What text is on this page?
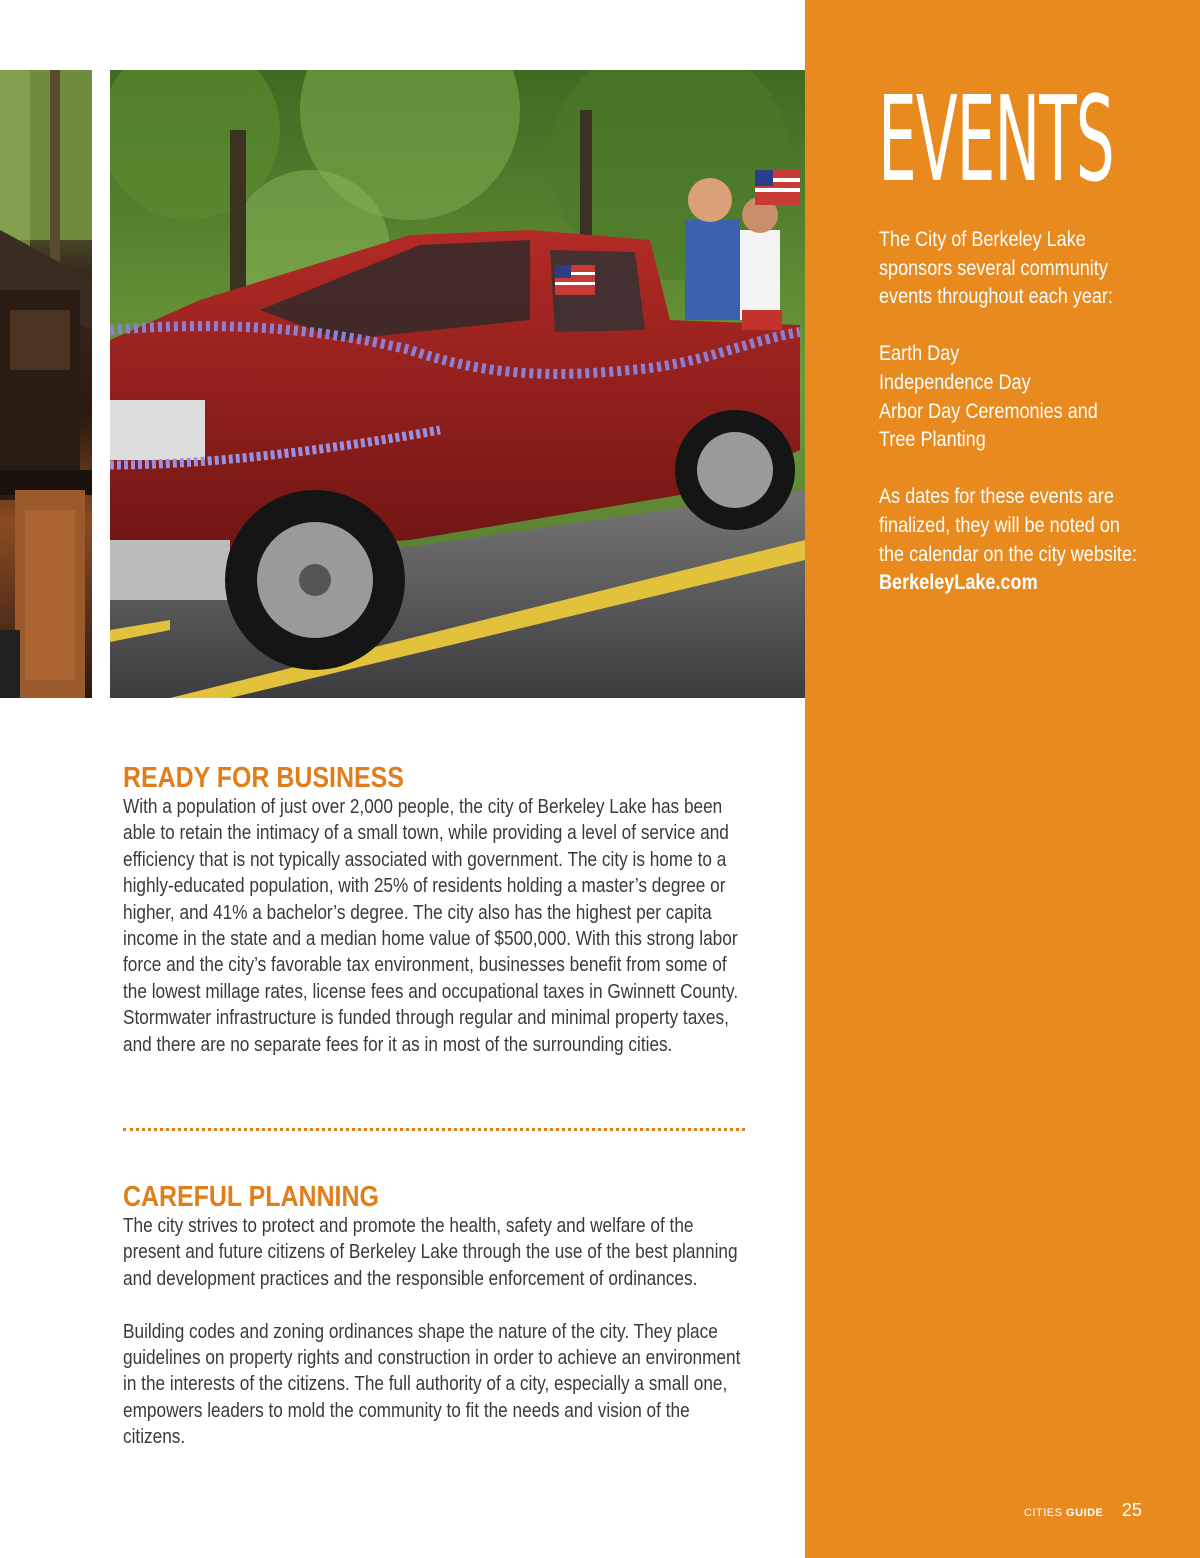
EVENTS

The City of Berkeley Lake sponsors several community events throughout each year:

Earth Day

Independence Day

Arbor Day Ceremonies and Tree Planting

As dates for these events are finalized, they will be noted on the calendar on the city website:

BerkeleyLake.com

READY FOR BUSINESS

With a population of just over 2,000 people, the city of Berkeley Lake has been able to retain the intimacy of a small town, while providing a level of service and efficiency that is not typically associated with government. The city is home to a highly-educated population, with 25% of residents holding a master’s degree or higher, and 41% a bachelor’s degree. The city also has the highest per capita income in the state and a median home value of $500,000. With this strong labor force and the city’s favorable tax environment, businesses benefit from some of the lowest millage rates, license fees and occupational taxes in Gwinnett County. Stormwater infrastructure is funded through regular and minimal property taxes, and there are no separate fees for it as in most of the surrounding cities.

CAREFUL PLANNING

The city strives to protect and promote the health, safety and welfare of the present and future citizens of Berkeley Lake through the use of the best planning and development practices and the responsible enforcement of ordinances.

Building codes and zoning ordinances shape the nature of the city. They place guidelines on property rights and construction in order to achieve an environment in the interests of the citizens. The full authority of a city, especially a small one, empowers leaders to mold the community to fit the needs and vision of the citizens.

CITIES GUIDE 25
